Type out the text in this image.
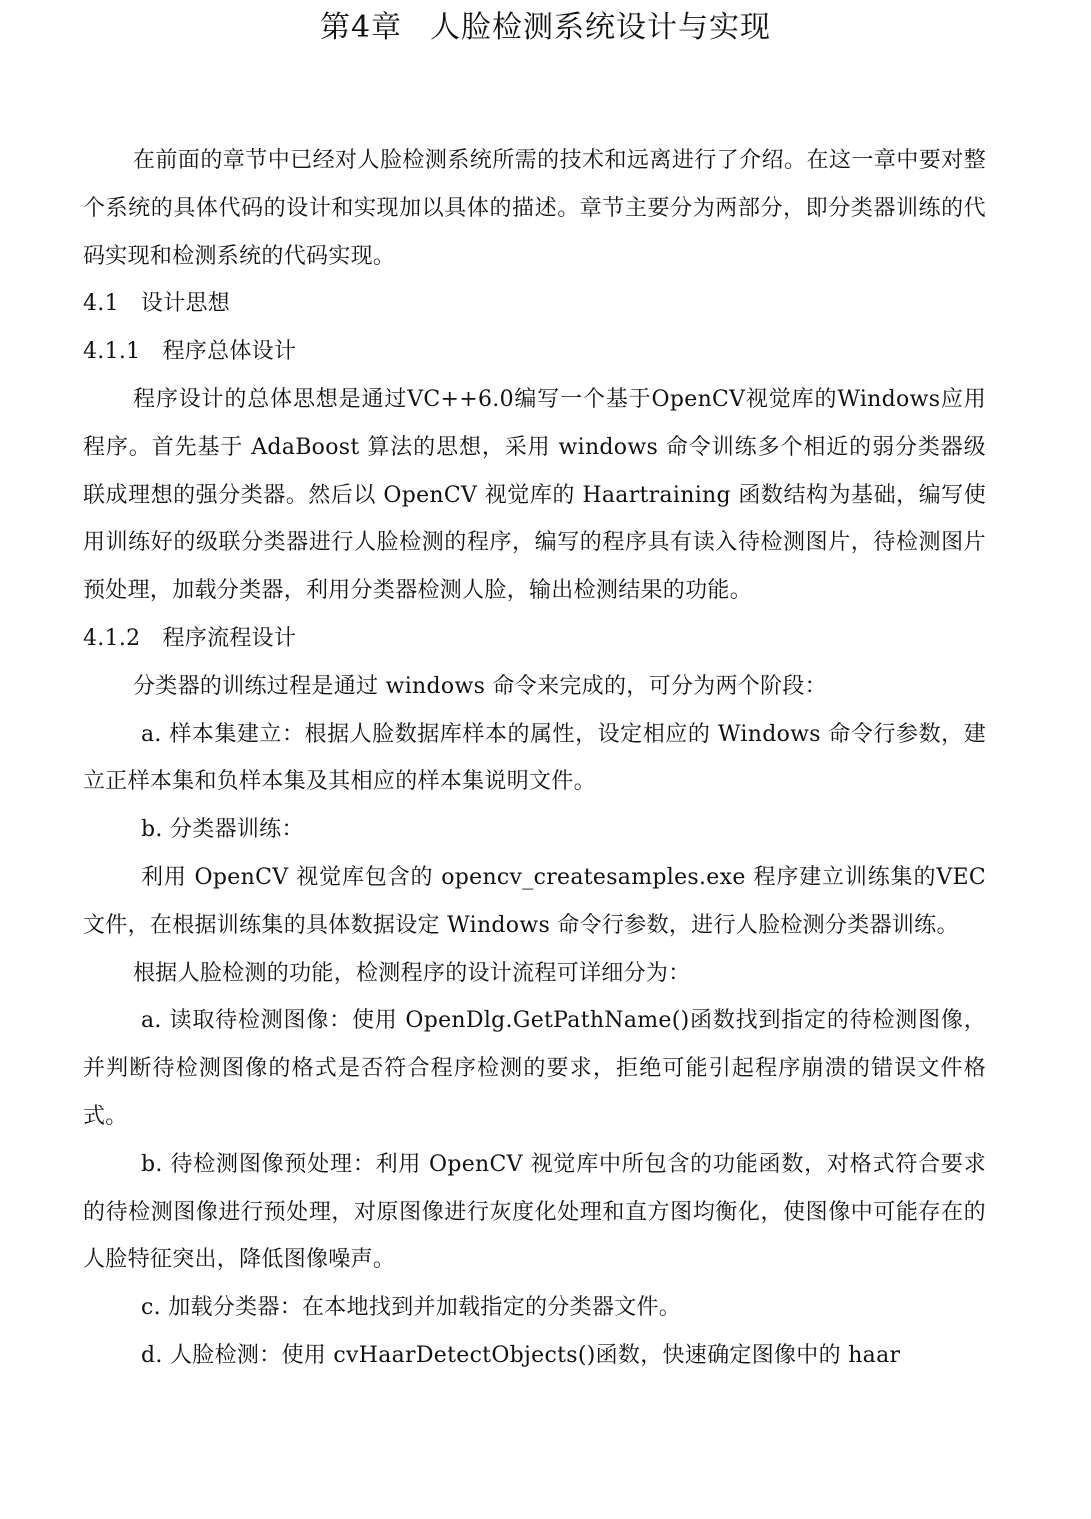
第4章 人脸检测系统设计与实现

在前面的章节中已经对人脸检测系统所需的技术和远离进行了介绍。在这一章中要对整个系统的具体代码的设计和实现加以具体的描述。章节主要分为两部分，即分类器训练的代码实现和检测系统的代码实现。

4.1 设计思想

4.1.1 程序总体设计

程序设计的总体思想是通过VC++6.0编写一个基于OpenCV视觉库的Windows应用程序。首先基于 AdaBoost 算法的思想，采用 windows 命令训练多个相近的弱分类器级联成理想的强分类器。然后以 OpenCV 视觉库的 Haartraining 函数结构为基础，编写使用训练好的级联分类器进行人脸检测的程序，编写的程序具有读入待检测图片，待检测图片预处理，加载分类器，利用分类器检测人脸，输出检测结果的功能。

4.1.2 程序流程设计

分类器的训练过程是通过 windows 命令来完成的，可分为两个阶段：

a. 样本集建立：根据人脸数据库样本的属性，设定相应的 Windows 命令行参数，建立正样本集和负样本集及其相应的样本集说明文件。

b. 分类器训练：

利用 OpenCV 视觉库包含的 opencv_createsamples.exe 程序建立训练集的VEC 文件，在根据训练集的具体数据设定 Windows 命令行参数，进行人脸检测分类器训练。

根据人脸检测的功能，检测程序的设计流程可详细分为：

a. 读取待检测图像：使用 OpenDlg.GetPathName()函数找到指定的待检测图像，并判断待检测图像的格式是否符合程序检测的要求，拒绝可能引起程序崩溃的错误文件格式。

b. 待检测图像预处理：利用 OpenCV 视觉库中所包含的功能函数，对格式符合要求的待检测图像进行预处理，对原图像进行灰度化处理和直方图均衡化，使图像中可能存在的人脸特征突出，降低图像噪声。

c. 加载分类器：在本地找到并加载指定的分类器文件。

d. 人脸检测：使用 cvHaarDetectObjects()函数，快速确定图像中的 haar
